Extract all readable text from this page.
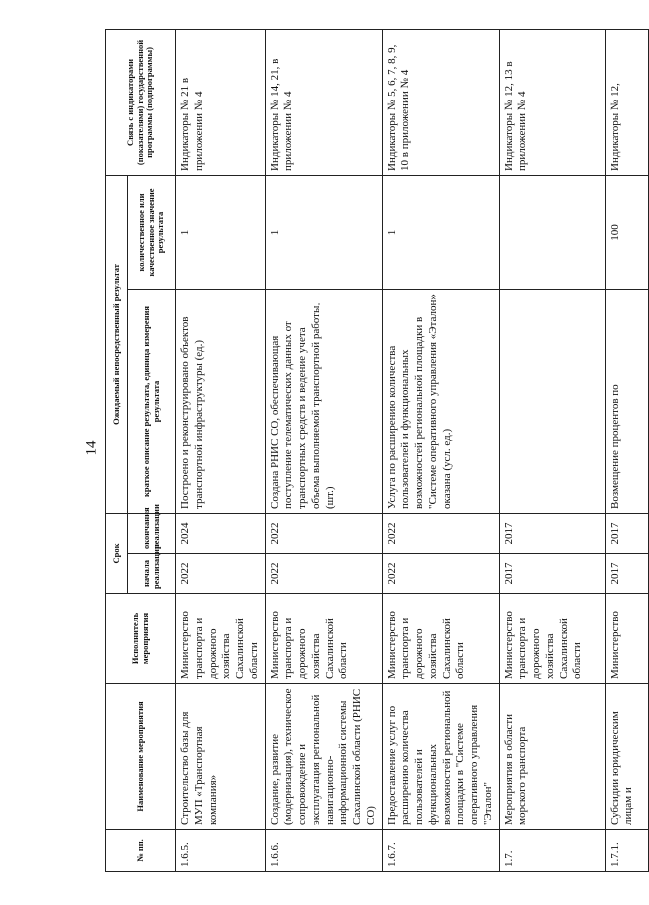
14
№ пп.	Наименование мероприятия	Исполнитель мероприятия	Срок		Ожидаемый непосредственный результат		Связь с индикаторами (показателями) государственной программы (подпрограммы)
			начала реализации	окончания реализации	краткое описание результата, единица измерения результата	количественное или качественное значение результата	
1.6.5.	Строительство базы для МУП «Транспортная компания»	Министерство транспорта и дорожного хозяйства Сахалинской области	2022	2024	Построено и реконструировано объектов транспортной инфраструктуры (ед.)	1	Индикаторы № 21 в приложении № 4
1.6.6.	Создание, развитие (модернизация), техническое сопровождение и эксплуатация региональной навигационно-информационной системы Сахалинской области (РНИС СО)	Министерство транспорта и дорожного хозяйства Сахалинской области	2022	2022	Создана РНИС СО, обеспечивающая поступление телематических данных от транспортных средств и ведение учета объема выполняемой транспортной работы (шт.)	1	Индикаторы № 14, 21, в приложении № 4
1.6.7.	Предоставление услуг по расширению количества пользователей и функциональных возможностей региональной площадки в "Системе оперативного управления "Эталон"	Министерство транспорта и дорожного хозяйства Сахалинской области	2022	2022	Услуга по расширению количества пользователей и функциональных возможностей региональной площадки в "Системе оперативного управления «Эталон» оказана (усл. ед.)	1	Индикаторы № 5, 6, 7, 8, 9, 10 в приложении № 4
1.7.	Мероприятия в области морского транспорта	Министерство транспорта и дорожного хозяйства Сахалинской области	2017	2017			Индикаторы № 12, 13 в приложении № 4
1.7.1.	Субсидии юридическим лицам и	Министерство	2017	2017	Возмещение процентов по	100	Индикаторы № 12,
